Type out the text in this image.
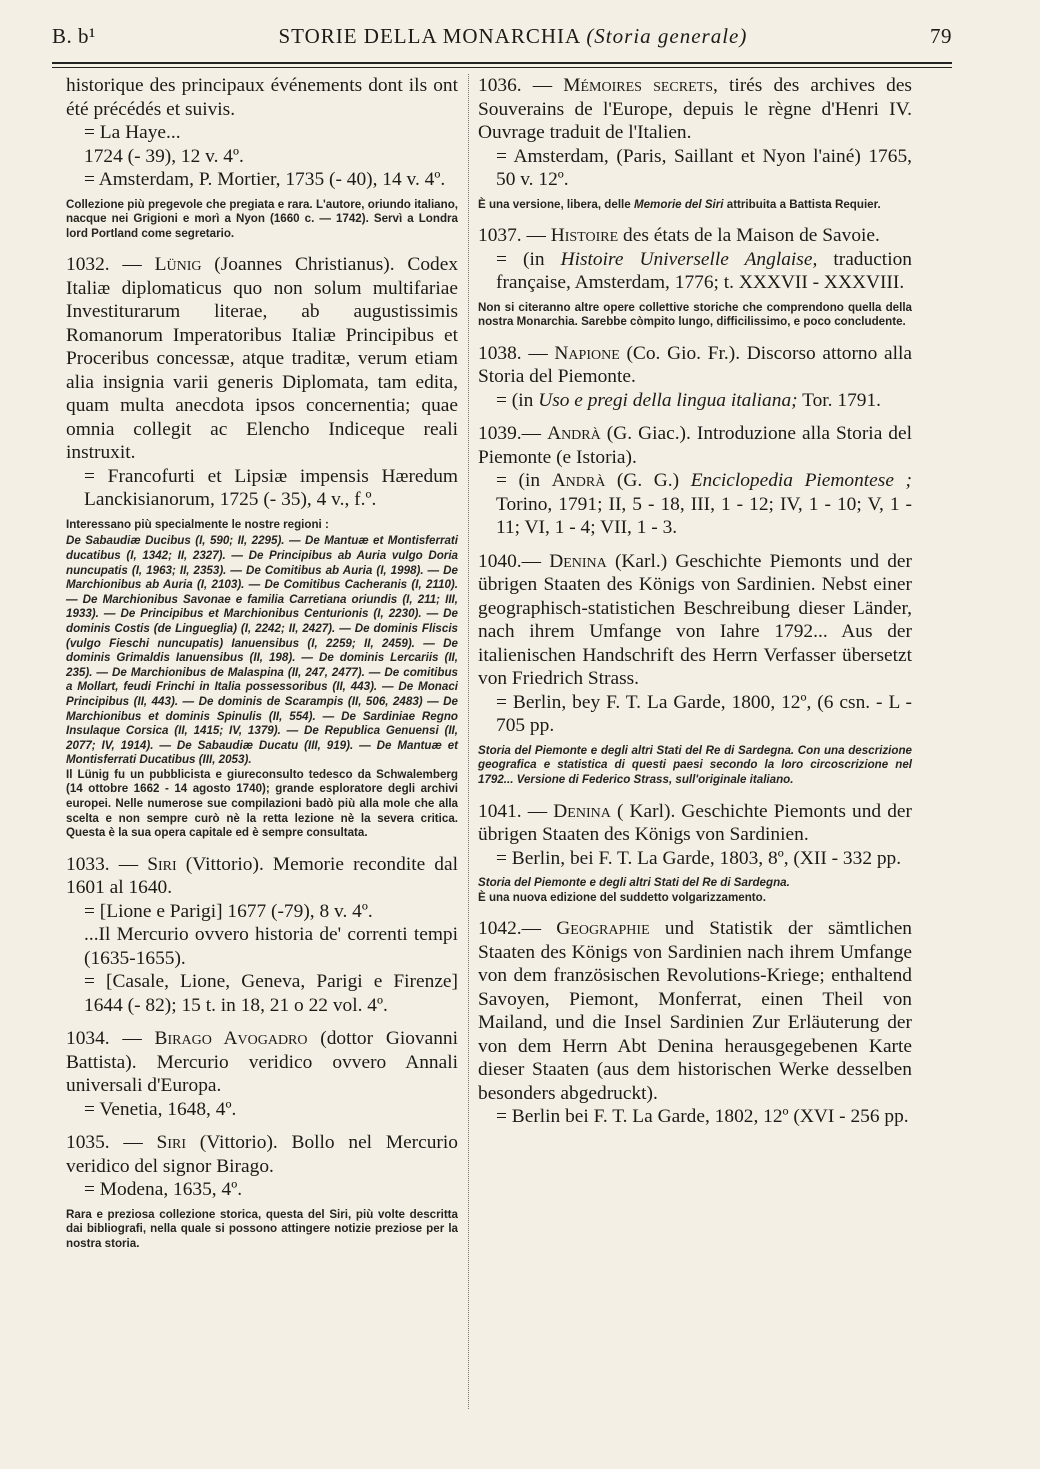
B. b¹	STORIE DELLA MONARCHIA (Storia generale)	79

historique des principaux événements dont ils ont été précédés et suivis.

= La Haye...

1724 (- 39), 12 v. 4º.

= Amsterdam, P. Mortier, 1735 (- 40), 14 v. 4º.

Collezione più pregevole che pregiata e rara. L'autore, oriundo italiano, nacque nei Grigioni e morì a Nyon (1660 c. — 1742). Servì a Londra lord Portland come segretario.

1032. — Lünig (Joannes Christianus). Codex Italiæ diplomaticus quo non solum multifariae Investiturarum literae, ab augustissimis Romanorum Imperatoribus Italiæ Principibus et Proceribus concessæ, atque traditæ, verum etiam alia insignia varii generis Diplomata, tam edita, quam multa anecdota ipsos concernentia; quae omnia collegit ac Elencho Indiceque reali instruxit.

= Francofurti et Lipsiæ impensis Hæredum Lanckisianorum, 1725 (- 35), 4 v., f.º.

Interessano più specialmente le nostre regioni :

De Sabaudiæ Ducibus (I, 590; II, 2295). — De Mantuæ et Montisferrati ducatibus (I, 1342; II, 2327). — De Principibus ab Auria vulgo Doria nuncupatis (I, 1963; II, 2353). — De Comitibus ab Auria (I, 1998). — De Marchionibus ab Auria (I, 2103). — De Comitibus Cacheranis (I, 2110). — De Marchionibus Savonae e familia Carretiana oriundis (I, 211; III, 1933). — De Principibus et Marchionibus Centurionis (I, 2230). — De dominis Costis (de Linguegliа) (I, 2242; II, 2427). — De dominis Fliscis (vulgo Fieschi nuncupatis) Ianuensibus (I, 2259; II, 2459). — De dominis Grimaldis Ianuensibus (II, 198). — De dominis Lercariis (II, 235). — De Marchionibus de Malaspina (II, 247, 2477). — De comitibus a Mollart, feudi Frinchi in Italia possessoribus (II, 443). — De Monaci Principibus (II, 443). — De dominis de Scarampis (II, 506, 2483) — De Marchionibus et dominis Spinulis (II, 554). — De Sardiniae Regno Insulaque Corsica (II, 1415; IV, 1379). — De Republica Genuensi (II, 2077; IV, 1914). — De Sabaudiæ Ducatu (III, 919). — De Mantuæ et Montisferrati Ducatibus (III, 2053).

Il Lünig fu un pubblicista e giureconsulto tedesco da Schwalemberg (14 ottobre 1662 - 14 agosto 1740); grande esploratore degli archivi europei. Nelle numerose sue compilazioni badò più alla mole che alla scelta e non sempre curò nè la retta lezione nè la severa critica. Questa è la sua opera capitale ed è sempre consultata.

1033. — Siri (Vittorio). Memorie recondite dal 1601 al 1640.

= [Lione e Parigi] 1677 (-79), 8 v. 4º.

...Il Mercurio ovvero historia de' correnti tempi (1635-1655).

= [Casale, Lione, Geneva, Parigi e Firenze] 1644 (- 82); 15 t. in 18, 21 o 22 vol. 4º.

1034. — Birago Avogadro (dottor Giovanni Battista). Mercurio veridico ovvero Annali universali d'Europa.

= Venetia, 1648, 4º.

1035. — Siri (Vittorio). Bollo nel Mercurio veridico del signor Birago.

= Modena, 1635, 4º.

Rara e preziosa collezione storica, questa del Siri, più volte descritta dai bibliografi, nella quale si possono attingere notizie preziose per la nostra storia.

1036. — Mémoires secrets, tirés des archives des Souverains de l'Europe, depuis le règne d'Henri IV. Ouvrage traduit de l'Italien.

= Amsterdam, (Paris, Saillant et Nyon l'ainé) 1765, 50 v. 12º.

È una versione, libera, delle Memorie del Siri attribuita a Battista Requier.

1037. — Histoire des états de la Maison de Savoie.

= (in Histoire Universelle Anglaise, traduction française, Amsterdam, 1776; t. XXXVII - XXXVIII.

Non si citeranno altre opere collettive storiche che comprendono quella della nostra Monarchia. Sarebbe còmpito lungo, difficilissimo, e poco concludente.

1038. — Napione (Co. Gio. Fr.). Discorso attorno alla Storia del Piemonte.

= (in Uso e pregi della lingua italiana; Tor. 1791.

1039.— Andrà (G. Giac.). Introduzione alla Storia del Piemonte (e Istoria).

= (in Andrà (G. G.) Enciclopedia Piemontese ; Torino, 1791; II, 5 - 18, III, 1 - 12; IV, 1 - 10; V, 1 - 11; VI, 1 - 4; VII, 1 - 3.

1040.— Denina (Karl.) Geschichte Piemonts und der übrigen Staaten des Königs von Sardinien. Nebst einer geographisch-statistichen Beschreibung dieser Länder, nach ihrem Umfange von Iahre 1792... Aus der italienischen Handschrift des Herrn Verfasser übersetzt von Friedrich Strass.

= Berlin, bey F. T. La Garde, 1800, 12º, (6 csn. - L - 705 pp.

Storia del Piemonte e degli altri Stati del Re di Sardegna. Con una descrizione geografica e statistica di questi paesi secondo la loro circoscrizione nel 1792... Versione di Federico Strass, sull'originale italiano.

1041. — Denina ( Karl). Geschichte Piemonts und der übrigen Staaten des Königs von Sardinien.

= Berlin, bei F. T. La Garde, 1803, 8º, (XII - 332 pp.

Storia del Piemonte e degli altri Stati del Re di Sardegna.
È una nuova edizione del suddetto volgarizzamento.

1042.— Geographie und Statistik der sämtlichen Staaten des Königs von Sardinien nach ihrem Umfange von dem französischen Revolutions-Kriege; enthaltend Savoyen, Piemont, Monferrat, einen Theil von Mailand, und die Insel Sardinien Zur Erläuterung der von dem Herrn Abt Denina herausgegebenen Karte dieser Staaten (aus dem historischen Werke desselben besonders abgedruckt).

= Berlin bei F. T. La Garde, 1802, 12º (XVI - 256 pp.
